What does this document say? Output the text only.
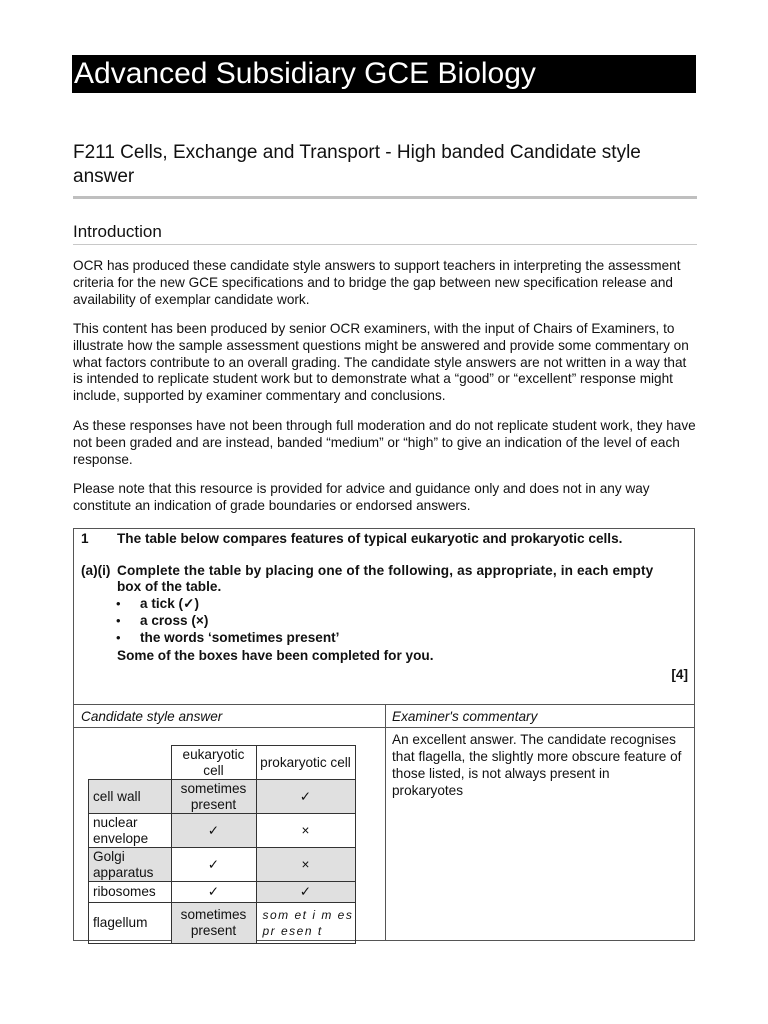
Advanced Subsidiary GCE Biology
F211 Cells, Exchange and Transport - High banded Candidate style answer
Introduction

OCR has produced these candidate style answers to support teachers in interpreting the assessment criteria for the new GCE specifications and to bridge the gap between new specification release and availability of exemplar candidate work.

This content has been produced by senior OCR examiners, with the input of Chairs of Examiners, to illustrate how the sample assessment questions might be answered and provide some commentary on what factors contribute to an overall grading. The candidate style answers are not written in a way that is intended to replicate student work but to demonstrate what a “good” or “excellent” response might include, supported by examiner commentary and conclusions.

As these responses have not been through full moderation and do not replicate student work, they have not been graded and are instead, banded “medium” or “high” to give an indication of the level of each response.

Please note that this resource is provided for advice and guidance only and does not in any way constitute an indication of grade boundaries or endorsed answers.

1 The table below compares features of typical eukaryotic and prokaryotic cells.
(a)(i) Complete the table by placing one of the following, as appropriate, in each empty
box of the table.
• a tick (✓)
• a cross (×)
• the words ‘sometimes present’
Some of the boxes have been completed for you.
[4]
Candidate style answer	Examiner's commentary

An excellent answer. The candidate recognises that flagella, the slightly more obscure feature of those listed, is not always present in prokaryotes

	eukaryotic cell	prokaryotic cell
cell wall	sometimes present	✓
nuclear envelope	✓	×
Golgi apparatus	✓	×
ribosomes	✓	✓
flagellum	sometimes present	som et i m es pr esen t
